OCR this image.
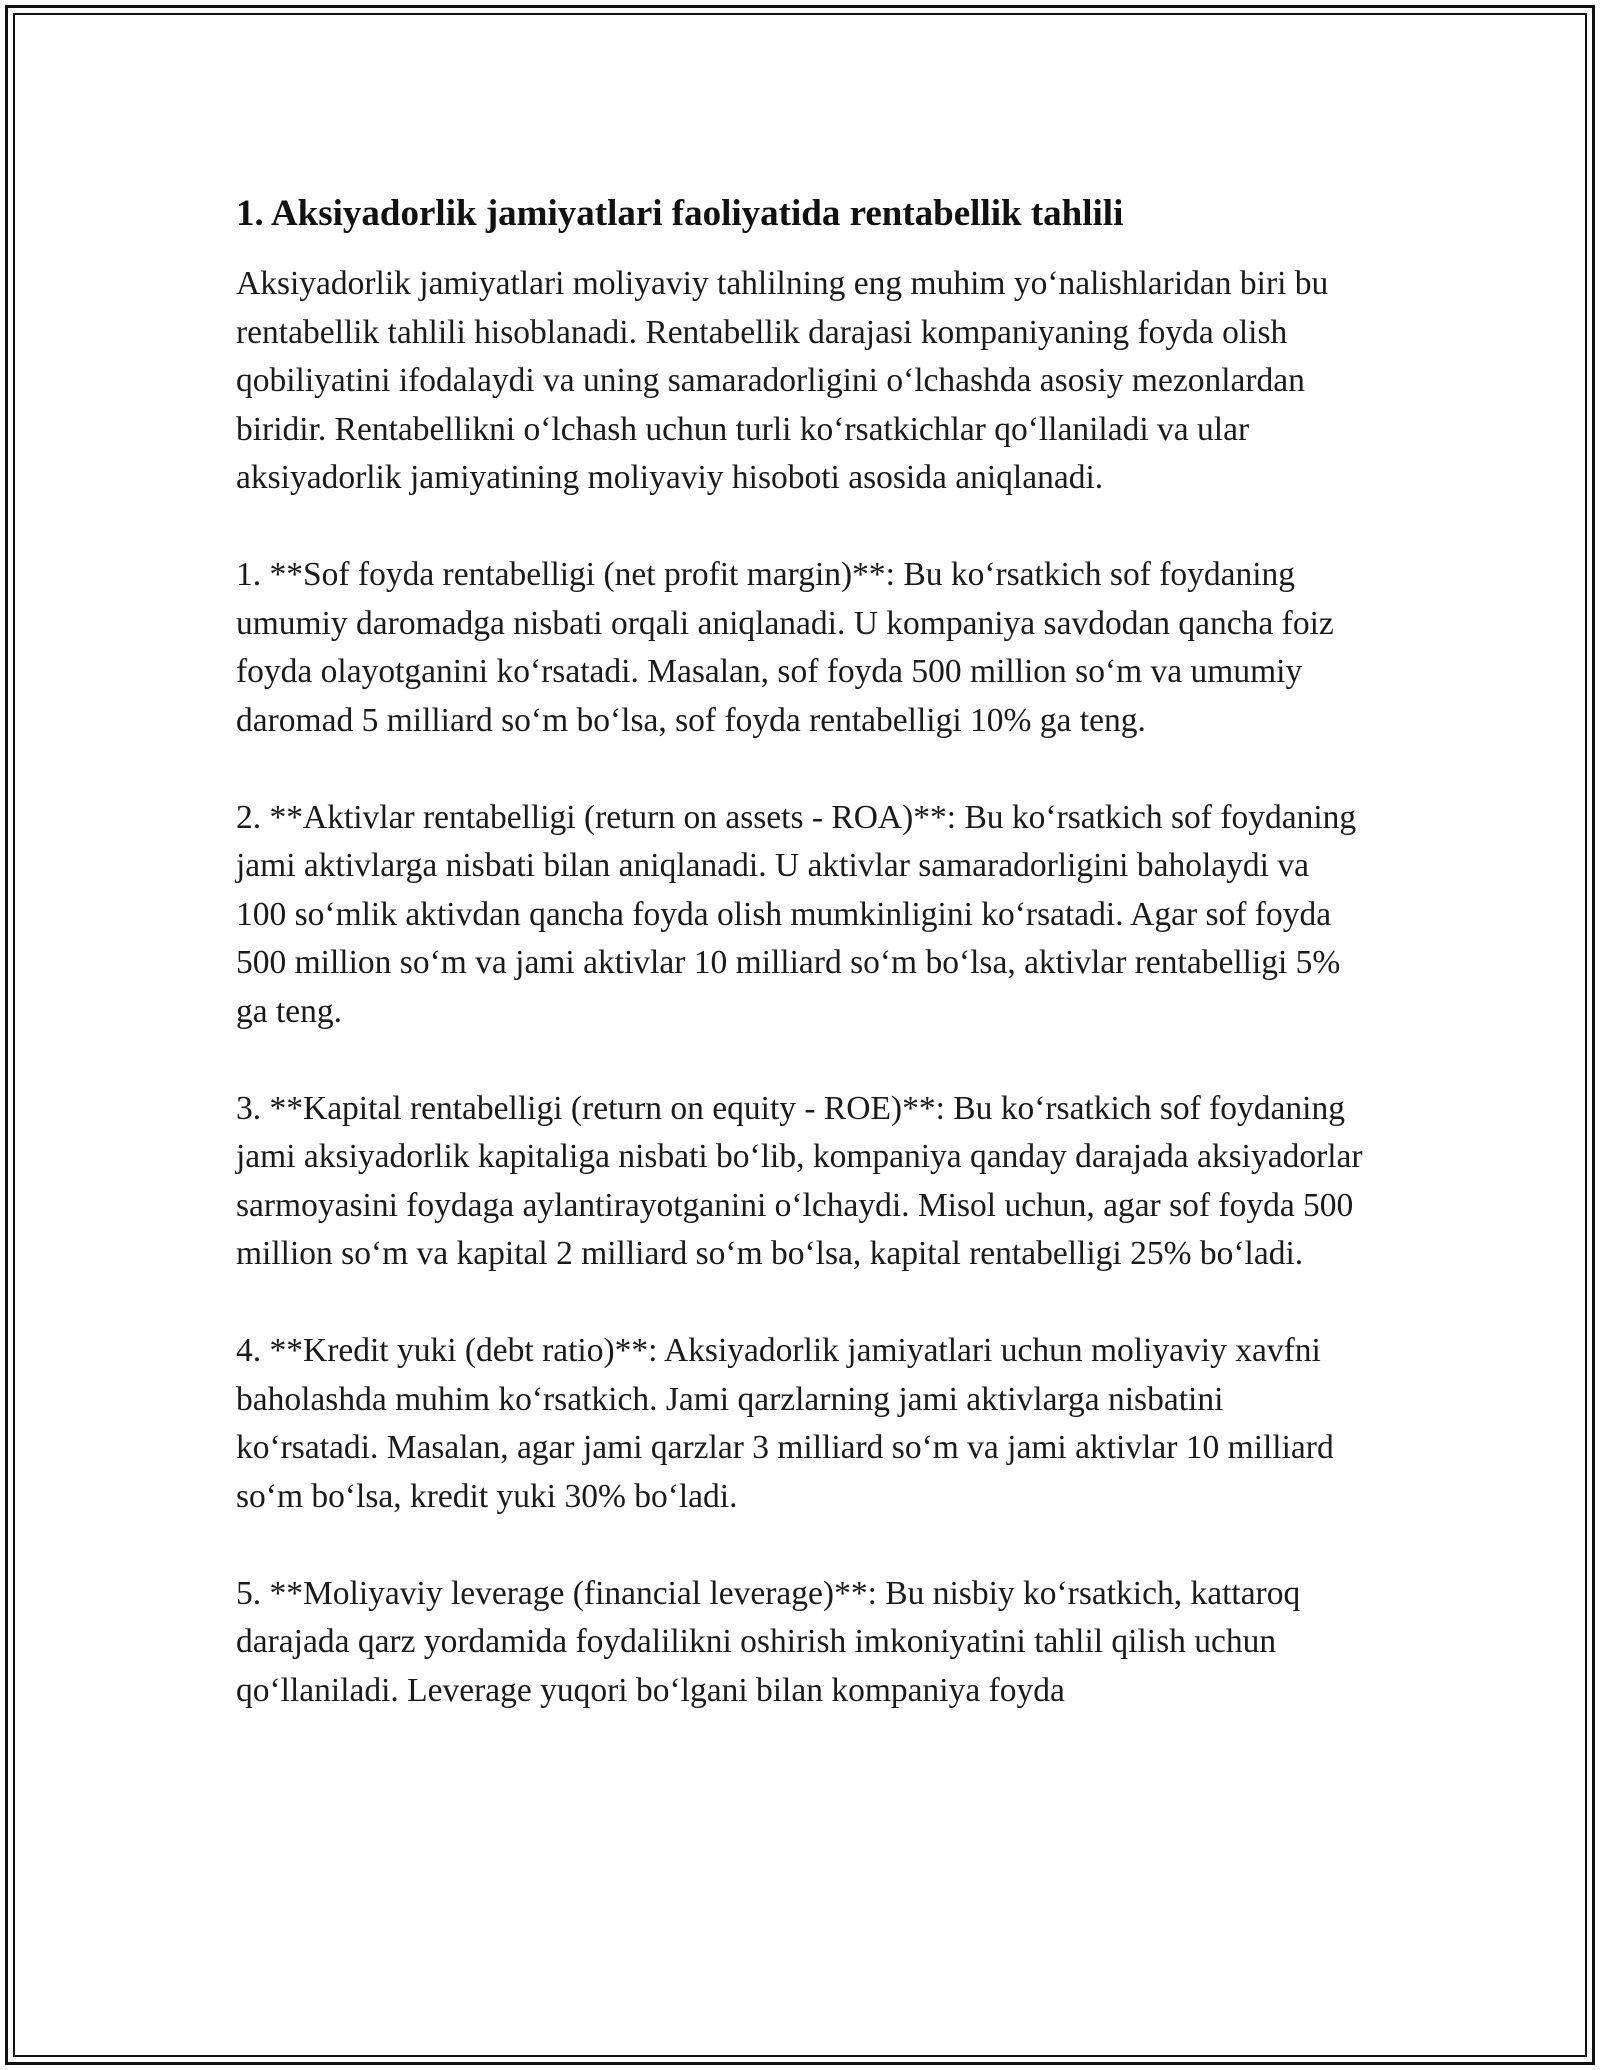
1. Aksiyadorlik jamiyatlari faoliyatida rentabellik tahlili

Aksiyadorlik jamiyatlari moliyaviy tahlilning eng muhim yo‘nalishlaridan biri bu rentabellik tahlili hisoblanadi. Rentabellik darajasi kompaniyaning foyda olish qobiliyatini ifodalaydi va uning samaradorligini o‘lchashda asosiy mezonlardan biridir. Rentabellikni o‘lchash uchun turli ko‘rsatkichlar qo‘llaniladi va ular aksiyadorlik jamiyatining moliyaviy hisoboti asosida aniqlanadi.

1. **Sof foyda rentabelligi (net profit margin)**: Bu ko‘rsatkich sof foydaning umumiy daromadga nisbati orqali aniqlanadi. U kompaniya savdodan qancha foiz foyda olayotganini ko‘rsatadi. Masalan, sof foyda 500 million so‘m va umumiy daromad 5 milliard so‘m bo‘lsa, sof foyda rentabelligi 10% ga teng.

2. **Aktivlar rentabelligi (return on assets - ROA)**: Bu ko‘rsatkich sof foydaning jami aktivlarga nisbati bilan aniqlanadi. U aktivlar samaradorligini baholaydi va 100 so‘mlik aktivdan qancha foyda olish mumkinligini ko‘rsatadi. Agar sof foyda 500 million so‘m va jami aktivlar 10 milliard so‘m bo‘lsa, aktivlar rentabelligi 5% ga teng.

3. **Kapital rentabelligi (return on equity - ROE)**: Bu ko‘rsatkich sof foydaning jami aksiyadorlik kapitaliga nisbati bo‘lib, kompaniya qanday darajada aksiyadorlar sarmoyasini foydaga aylantirayotganini o‘lchaydi. Misol uchun, agar sof foyda 500 million so‘m va kapital 2 milliard so‘m bo‘lsa, kapital rentabelligi 25% bo‘ladi.

4. **Kredit yuki (debt ratio)**: Aksiyadorlik jamiyatlari uchun moliyaviy xavfni baholashda muhim ko‘rsatkich. Jami qarzlarning jami aktivlarga nisbatini ko‘rsatadi. Masalan, agar jami qarzlar 3 milliard so‘m va jami aktivlar 10 milliard so‘m bo‘lsa, kredit yuki 30% bo‘ladi.

5. **Moliyaviy leverage (financial leverage)**: Bu nisbiy ko‘rsatkich, kattaroq darajada qarz yordamida foydalilikni oshirish imkoniyatini tahlil qilish uchun qo‘llaniladi. Leverage yuqori bo‘lgani bilan kompaniya foyda
